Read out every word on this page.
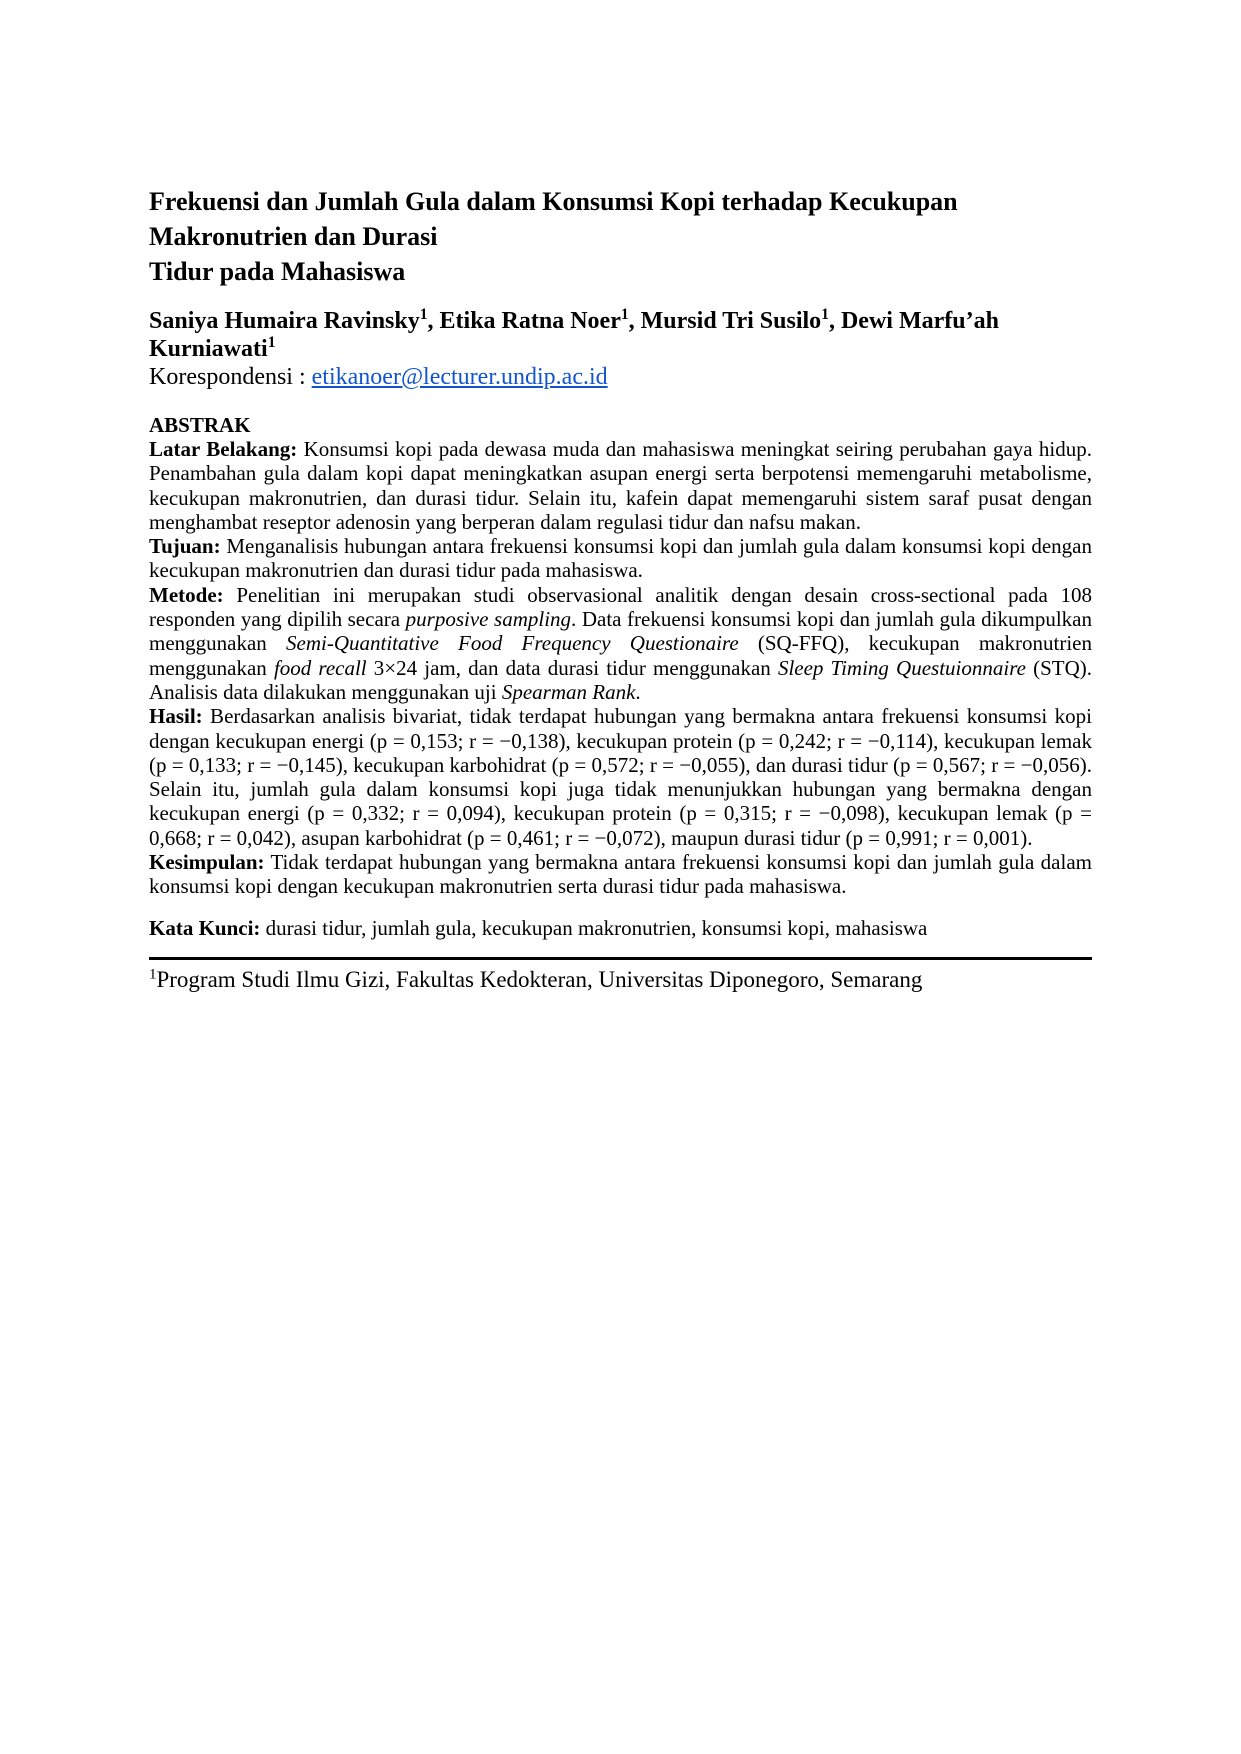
Frekuensi dan Jumlah Gula dalam Konsumsi Kopi terhadap Kecukupan Makronutrien dan Durasi
Tidur pada Mahasiswa

Saniya Humaira Ravinsky$^1$, Etika Ratna Noer$^1$, Mursid Tri Susilo$^1$, Dewi Marfu’ah Kurniawati$^1$

Korespondensi : etikanoer@lecturer.undip.ac.id

ABSTRAK

Latar Belakang: Konsumsi kopi pada dewasa muda dan mahasiswa meningkat seiring perubahan gaya hidup. Penambahan gula dalam kopi dapat meningkatkan asupan energi serta berpotensi memengaruhi metabolisme, kecukupan makronutrien, dan durasi tidur. Selain itu, kafein dapat memengaruhi sistem saraf pusat dengan menghambat reseptor adenosin yang berperan dalam regulasi tidur dan nafsu makan.

Tujuan: Menganalisis hubungan antara frekuensi konsumsi kopi dan jumlah gula dalam konsumsi kopi dengan kecukupan makronutrien dan durasi tidur pada mahasiswa.

Metode: Penelitian ini merupakan studi observasional analitik dengan desain cross-sectional pada 108 responden yang dipilih secara purposive sampling. Data frekuensi konsumsi kopi dan jumlah gula dikumpulkan menggunakan Semi-Quantitative Food Frequency Questionaire (SQ-FFQ), kecukupan makronutrien menggunakan food recall 3×24 jam, dan data durasi tidur menggunakan Sleep Timing Questuionnaire (STQ). Analisis data dilakukan menggunakan uji Spearman Rank.

Hasil: Berdasarkan analisis bivariat, tidak terdapat hubungan yang bermakna antara frekuensi konsumsi kopi dengan kecukupan energi (p = 0,153; r = −0,138), kecukupan protein (p = 0,242; r = −0,114), kecukupan lemak (p = 0,133; r = −0,145), kecukupan karbohidrat (p = 0,572; r = −0,055), dan durasi tidur (p = 0,567; r = −0,056). Selain itu, jumlah gula dalam konsumsi kopi juga tidak menunjukkan hubungan yang bermakna dengan kecukupan energi (p = 0,332; r = 0,094), kecukupan protein (p = 0,315; r = −0,098), kecukupan lemak (p = 0,668; r = 0,042), asupan karbohidrat (p = 0,461; r = −0,072), maupun durasi tidur (p = 0,991; r = 0,001).

Kesimpulan: Tidak terdapat hubungan yang bermakna antara frekuensi konsumsi kopi dan jumlah gula dalam konsumsi kopi dengan kecukupan makronutrien serta durasi tidur pada mahasiswa.

Kata Kunci: durasi tidur, jumlah gula, kecukupan makronutrien, konsumsi kopi, mahasiswa

$^1$Program Studi Ilmu Gizi, Fakultas Kedokteran, Universitas Diponegoro, Semarang
